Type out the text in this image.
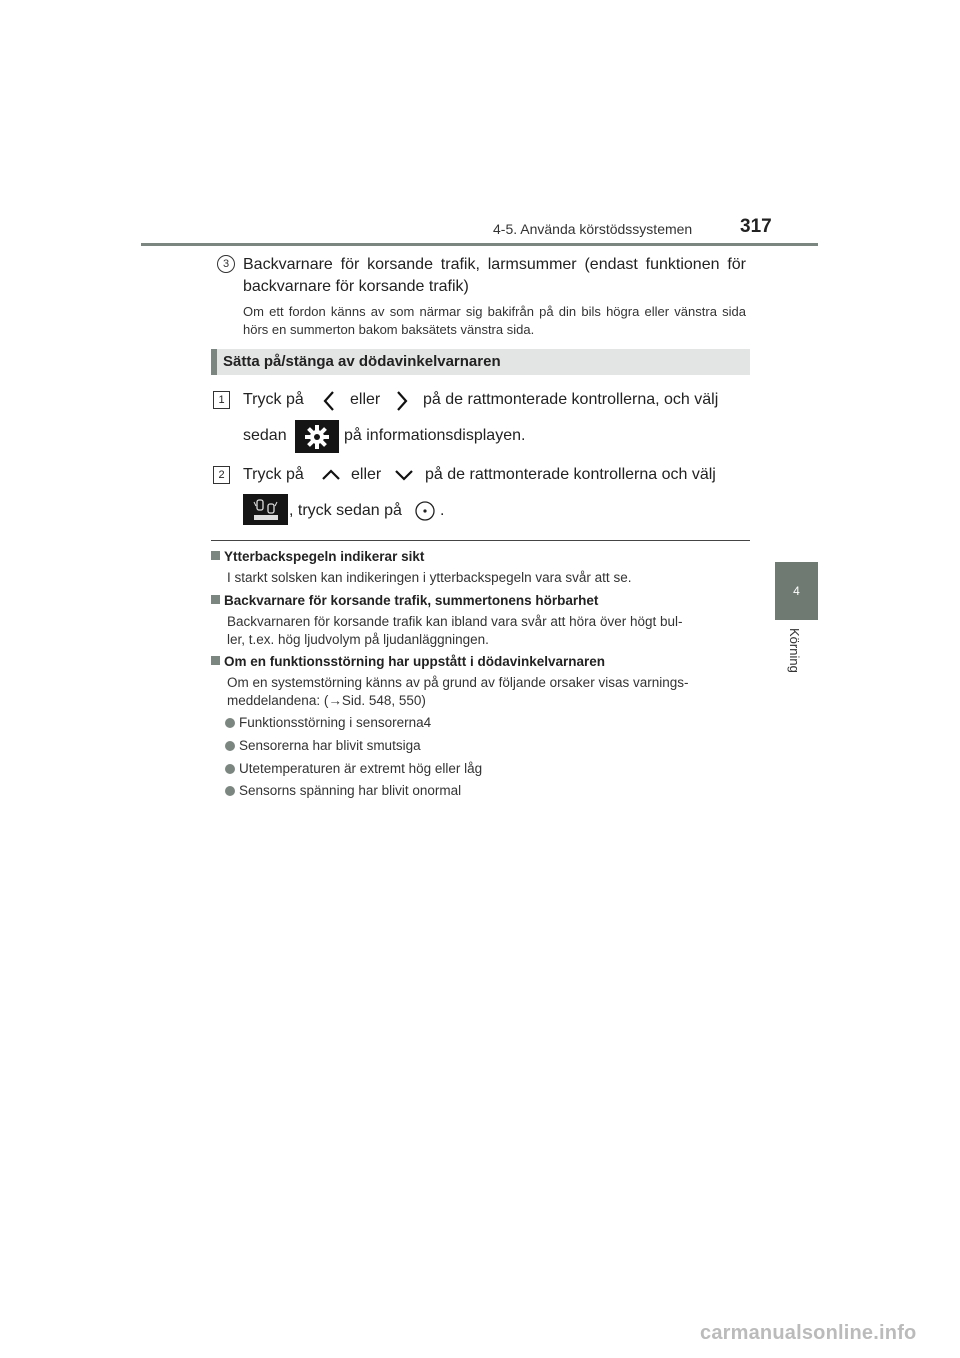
4-5. Använda körstödssystemen	317
4
Körning
3 Backvarnare för korsande trafik, larmsummer (endast funktionen för backvarnare för korsande trafik)
Om ett fordon känns av som närmar sig bakifrån på din bils högra eller vänstra sida hörs en summerton bakom baksätets vänstra sida.
Sätta på/stänga av dödavinkelvarnaren
1	Tryck på	eller	på de rattmonterade kontrollerna, och välj
sedan	på informationsdisplayen.
2	Tryck på	eller	på de rattmonterade kontrollerna och välj
, tryck sedan på .
Ytterbackspegeln indikerar sikt
I starkt solsken kan indikeringen i ytterbackspegeln vara svår att se.
Backvarnare för korsande trafik, summertonens hörbarhet
Backvarnaren för korsande trafik kan ibland vara svår att höra över högt bul-
ler, t.ex. hög ljudvolym på ljudanläggningen.
Om en funktionsstörning har uppstått i dödavinkelvarnaren
Om en systemstörning känns av på grund av följande orsaker visas varnings-
meddelandena: (→Sid. 548, 550)
Funktionsstörning i sensorerna4
Sensorerna har blivit smutsiga
Utetemperaturen är extremt hög eller låg
Sensorns spänning har blivit onormal
carmanualsonline.info
